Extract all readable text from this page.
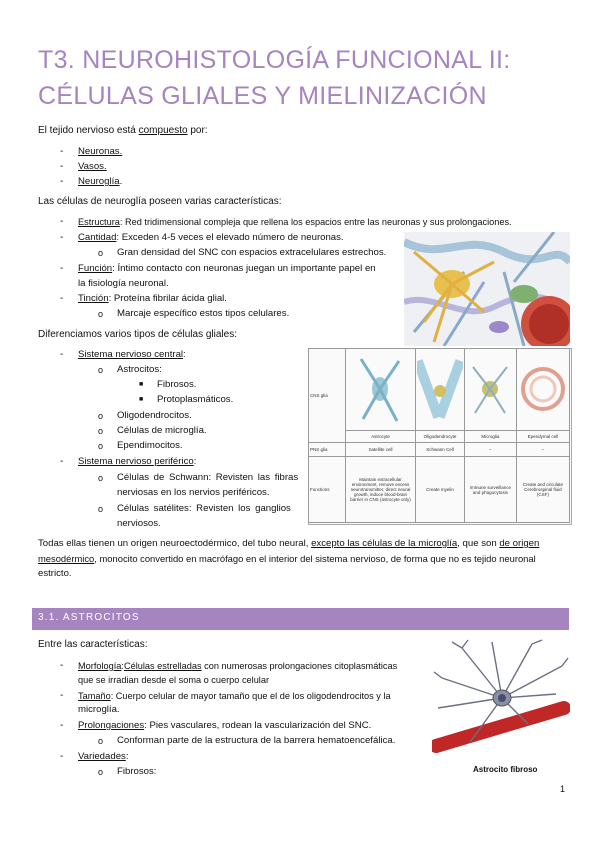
T3. NEUROHISTOLOGÍA FUNCIONAL II:
CÉLULAS GLIALES Y MIELINIZACIÓN

El tejido nervioso está compuesto por:

- Neuronas.

- Vasos.

- Neuroglía.

Las células de neuroglía poseen varias características:

- Estructura: Red tridimensional compleja que rellena los espacios entre las neuronas y sus prolongaciones.

- Cantidad: Exceden 4-5 veces el elevado número de neuronas.

o Gran densidad del SNC con espacios extracelulares estrechos.

- Función: Íntimo contacto con neuronas juegan un importante papel en

la fisiología neuronal.

- Tinción: Proteína fibrilar ácida glial.

o Marcaje específico estos tipos celulares.

Diferenciamos varios tipos de células gliales:

- Sistema nervioso central:

o Astrocitos:

■ Fibrosos.

■ Protoplasmáticos.

o Oligodendrocitos.

o Células de microglía.

o Ependimocitos.

- Sistema nervioso periférico:

o Células de Schwann: Revisten las fibras

nerviosas en los nervios periféricos.

o Células satélites: Revisten los ganglios

nerviosos.

Todas ellas tienen un origen neuroectodérmico, del tubo neural, excepto las células de la microglía, que son de origen

mesodérmico, monocito convertido en macrófago en el interior del sistema nervioso, de forma que no es tejido neuronal

estricto.

3.1. ASTROCITOS

Entre las características:

- Morfología:Células estrelladas con numerosas prolongaciones citoplasmáticas

que se irradian desde el soma o cuerpo celular

- Tamaño: Cuerpo celular de mayor tamaño que el de los oligodendrocitos y la

microglía.

- Prolongaciones: Pies vasculares, rodean la vascularización del SNC.

o Conforman parte de la estructura de la barrera hematoencefálica.

- Variedades:

o Fibrosos:

CNS glia				
	Astrocyte	Oligodendrocyte	Microglia	Ependymal cell
PNS glia	Satellite cell	Schwann Cell	–	–
Functions	Maintain extracellular environment, remove excess neurotransmitter, direct neural growth, induce blood-brain barrier in CNS (astrocyte only)	Create myelin	Immune surveillance and phagocytosis	Create and circulate Cerebrospinal fluid (CSF)

Astrocito fibroso

1
